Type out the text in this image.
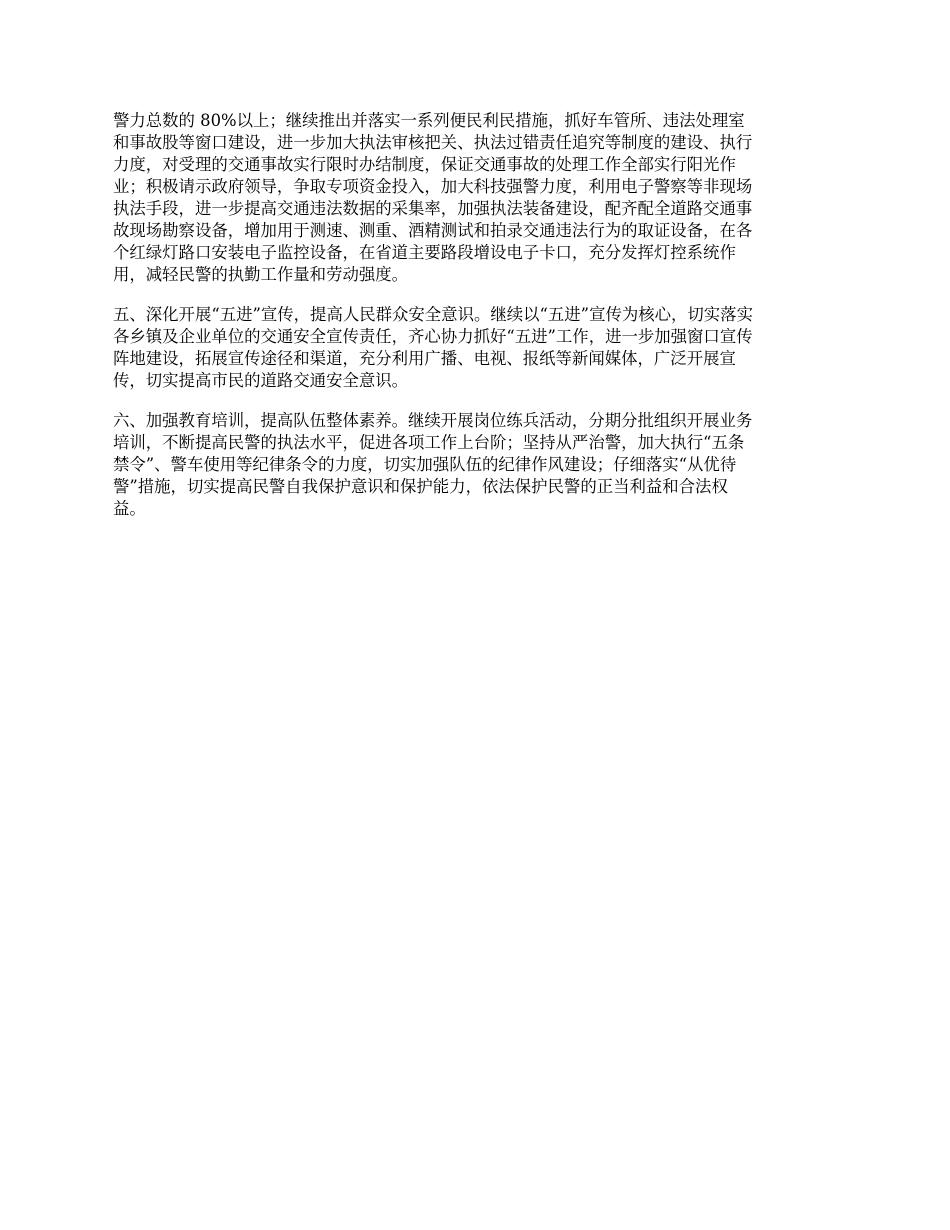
警力总数的 80%以上；继续推出并落实一系列便民利民措施，抓好车管所、违法处理室
和事故股等窗口建设，进一步加大执法审核把关、执法过错责任追究等制度的建设、执行
力度，对受理的交通事故实行限时办结制度，保证交通事故的处理工作全部实行阳光作
业；积极请示政府领导，争取专项资金投入，加大科技强警力度，利用电子警察等非现场
执法手段，进一步提高交通违法数据的采集率，加强执法装备建设，配齐配全道路交通事
故现场勘察设备，增加用于测速、测重、酒精测试和拍录交通违法行为的取证设备，在各
个红绿灯路口安装电子监控设备，在省道主要路段增设电子卡口，充分发挥灯控系统作
用，减轻民警的执勤工作量和劳动强度。
五、深化开展“五进”宣传，提高人民群众安全意识。继续以“五进”宣传为核心，切实落实
各乡镇及企业单位的交通安全宣传责任，齐心协力抓好“五进”工作，进一步加强窗口宣传
阵地建设，拓展宣传途径和渠道，充分利用广播、电视、报纸等新闻媒体，广泛开展宣
传，切实提高市民的道路交通安全意识。
六、加强教育培训，提高队伍整体素养。继续开展岗位练兵活动，分期分批组织开展业务
培训，不断提高民警的执法水平，促进各项工作上台阶；坚持从严治警，加大执行“五条
禁令”、警车使用等纪律条令的力度，切实加强队伍的纪律作风建设；仔细落实“从优待
警”措施，切实提高民警自我保护意识和保护能力，依法保护民警的正当利益和合法权
益。
